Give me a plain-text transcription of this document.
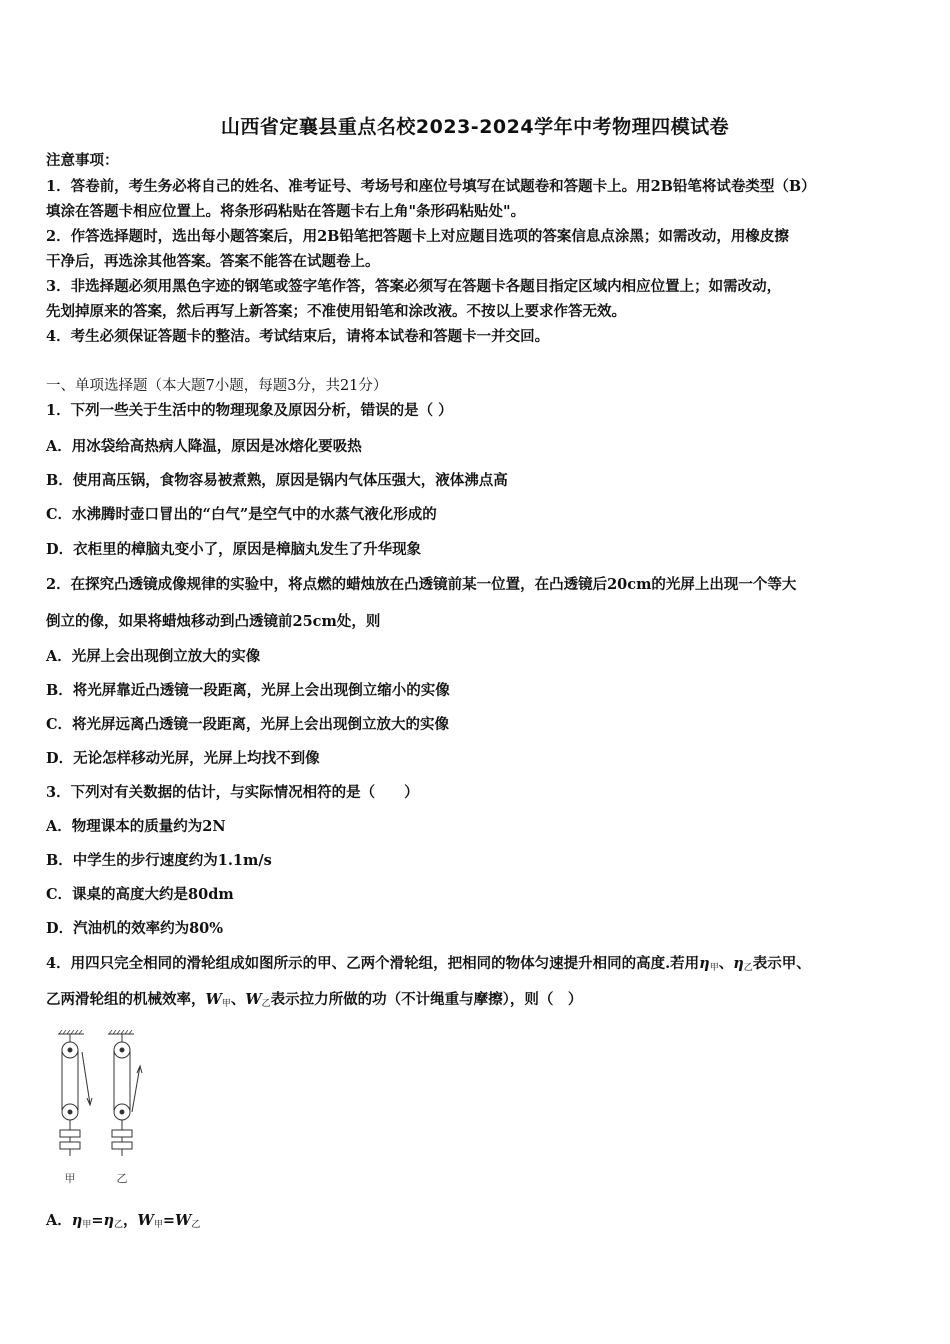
山西省定襄县重点名校2023-2024学年中考物理四模试卷
注意事项：
1．答卷前，考生务必将自己的姓名、准考证号、考场号和座位号填写在试题卷和答题卡上。用2B铅笔将试卷类型（B）
填涂在答题卡相应位置上。将条形码粘贴在答题卡右上角"条形码粘贴处"。
2．作答选择题时，选出每小题答案后，用2B铅笔把答题卡上对应题目选项的答案信息点涂黑；如需改动，用橡皮擦
干净后，再选涂其他答案。答案不能答在试题卷上。
3．非选择题必须用黑色字迹的钢笔或签字笔作答，答案必须写在答题卡各题目指定区域内相应位置上；如需改动，
先划掉原来的答案，然后再写上新答案；不准使用铅笔和涂改液。不按以上要求作答无效。
4．考生必须保证答题卡的整洁。考试结束后，请将本试卷和答题卡一并交回。
一、单项选择题（本大题7小题，每题3分，共21分）
1．下列一些关于生活中的物理现象及原因分析，错误的是（ ）
A．用冰袋给高热病人降温，原因是冰熔化要吸热
B．使用高压锅，食物容易被煮熟，原因是锅内气体压强大，液体沸点高
C．水沸腾时壶口冒出的“白气”是空气中的水蒸气液化形成的
D．衣柜里的樟脑丸变小了，原因是樟脑丸发生了升华现象
2．在探究凸透镜成像规律的实验中，将点燃的蜡烛放在凸透镜前某一位置，在凸透镜后20cm的光屏上出现一个等大
倒立的像，如果将蜡烛移动到凸透镜前25cm处，则
A．光屏上会出现倒立放大的实像
B．将光屏靠近凸透镜一段距离，光屏上会出现倒立缩小的实像
C．将光屏远离凸透镜一段距离，光屏上会出现倒立放大的实像
D．无论怎样移动光屏，光屏上均找不到像
3．下列对有关数据的估计，与实际情况相符的是（　　）
A．物理课本的质量约为2N
B．中学生的步行速度约为1.1m/s
C．课桌的高度大约是80dm
D．汽油机的效率约为80%
4．用四只完全相同的滑轮组成如图所示的甲、乙两个滑轮组，把相同的物体匀速提升相同的高度.若用$\eta_甲$、$\eta_乙$表示甲、
乙两滑轮组的机械效率，$W_甲$、$W_乙$表示拉力所做的功（不计绳重与摩擦），则（　）
甲	乙
A．$\eta_甲=\eta_乙$，$W_甲=W_乙$
